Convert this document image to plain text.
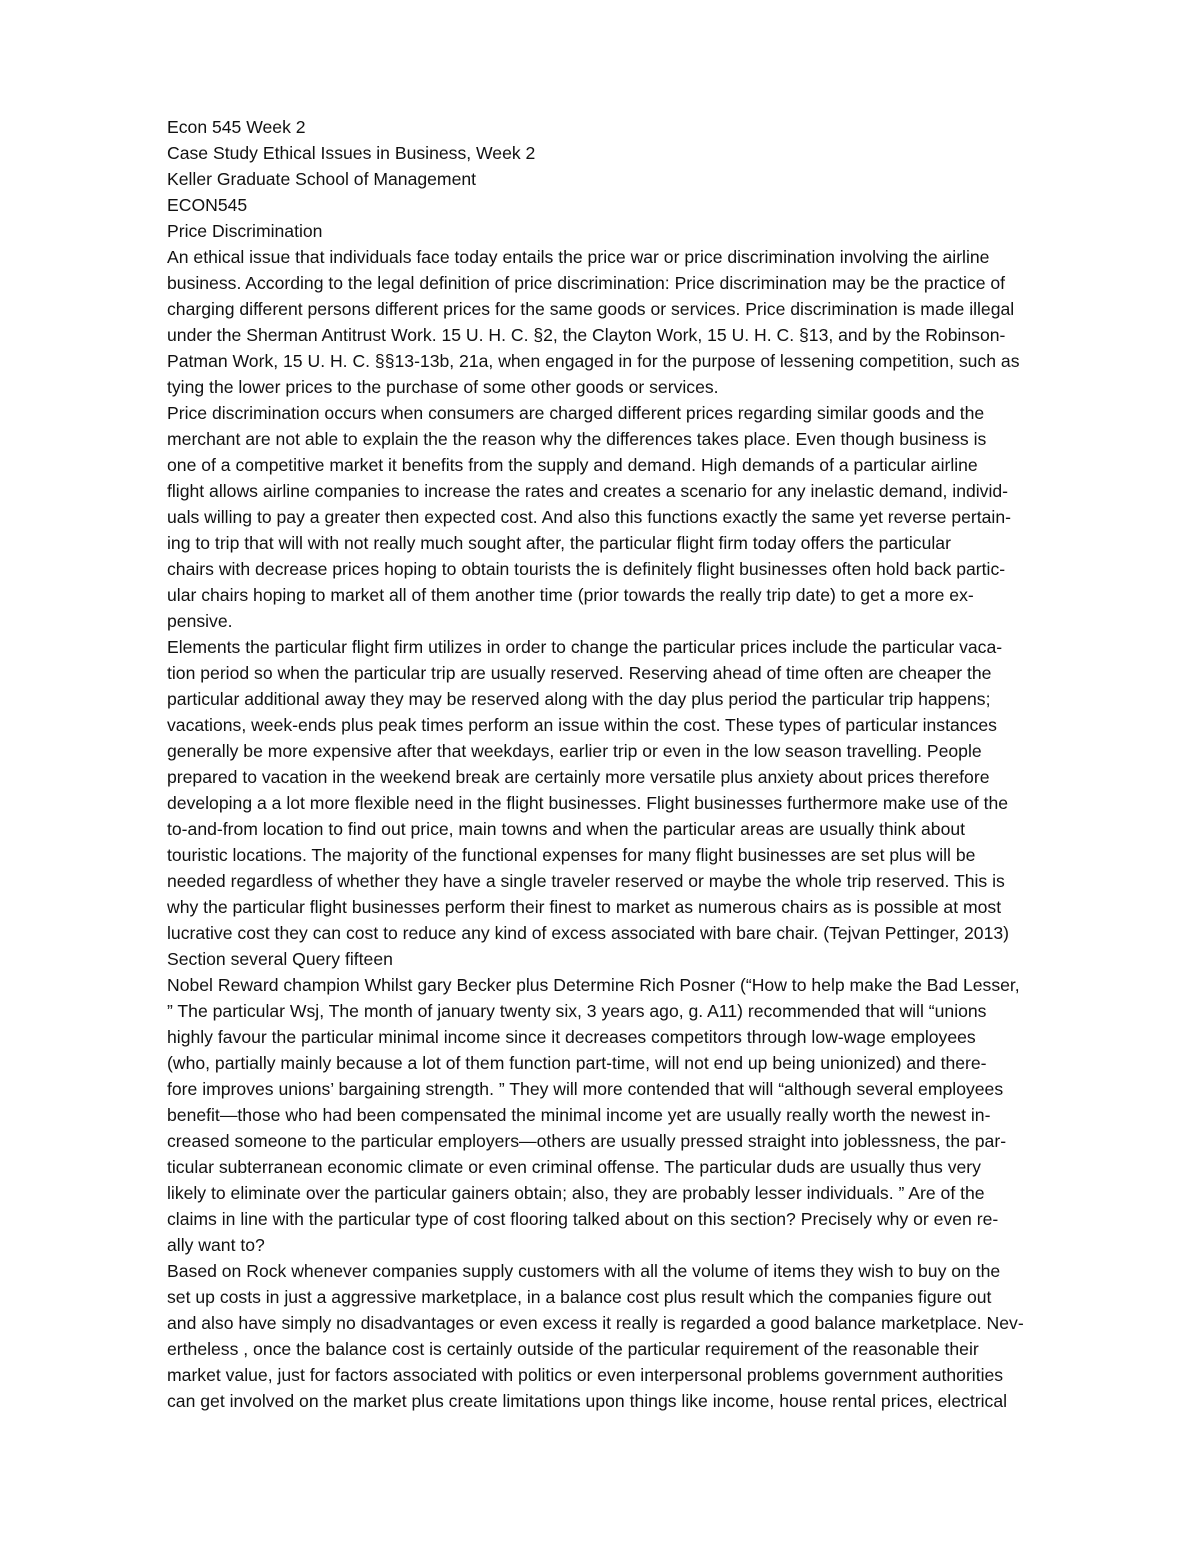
Econ 545 Week 2
Case Study Ethical Issues in Business, Week 2
Keller Graduate School of Management
ECON545
Price Discrimination
An ethical issue that individuals face today entails the price war or price discrimination involving the airline
business. According to the legal definition of price discrimination: Price discrimination may be the practice of
charging different persons different prices for the same goods or services. Price discrimination is made illegal
under the Sherman Antitrust Work. 15 U. H. C. §2, the Clayton Work, 15 U. H. C. §13, and by the Robinson-
Patman Work, 15 U. H. C. §§13-13b, 21a, when engaged in for the purpose of lessening competition, such as
tying the lower prices to the purchase of some other goods or services.
Price discrimination occurs when consumers are charged different prices regarding similar goods and the
merchant are not able to explain the the reason why the differences takes place. Even though business is
one of a competitive market it benefits from the supply and demand. High demands of a particular airline
flight allows airline companies to increase the rates and creates a scenario for any inelastic demand, individ-
uals willing to pay a greater then expected cost. And also this functions exactly the same yet reverse pertain-
ing to trip that will with not really much sought after, the particular flight firm today offers the particular
chairs with decrease prices hoping to obtain tourists the is definitely flight businesses often hold back partic-
ular chairs hoping to market all of them another time (prior towards the really trip date) to get a more ex-
pensive.
Elements the particular flight firm utilizes in order to change the particular prices include the particular vaca-
tion period so when the particular trip are usually reserved. Reserving ahead of time often are cheaper the
particular additional away they may be reserved along with the day plus period the particular trip happens;
vacations, week-ends plus peak times perform an issue within the cost. These types of particular instances
generally be more expensive after that weekdays, earlier trip or even in the low season travelling. People
prepared to vacation in the weekend break are certainly more versatile plus anxiety about prices therefore
developing a a lot more flexible need in the flight businesses. Flight businesses furthermore make use of the
to-and-from location to find out price, main towns and when the particular areas are usually think about
touristic locations. The majority of the functional expenses for many flight businesses are set plus will be
needed regardless of whether they have a single traveler reserved or maybe the whole trip reserved. This is
why the particular flight businesses perform their finest to market as numerous chairs as is possible at most
lucrative cost they can cost to reduce any kind of excess associated with bare chair. (Tejvan Pettinger, 2013)
Section several Query fifteen
Nobel Reward champion Whilst gary Becker plus Determine Rich Posner (“How to help make the Bad Lesser,
” The particular Wsj, The month of january twenty six, 3 years ago, g. A11) recommended that will “unions
highly favour the particular minimal income since it decreases competitors through low-wage employees
(who, partially mainly because a lot of them function part-time, will not end up being unionized) and there-
fore improves unions’ bargaining strength. ” They will more contended that will “although several employees
benefit—those who had been compensated the minimal income yet are usually really worth the newest in-
creased someone to the particular employers—others are usually pressed straight into joblessness, the par-
ticular subterranean economic climate or even criminal offense. The particular duds are usually thus very
likely to eliminate over the particular gainers obtain; also, they are probably lesser individuals. ” Are of the
claims in line with the particular type of cost flooring talked about on this section? Precisely why or even re-
ally want to?
Based on Rock whenever companies supply customers with all the volume of items they wish to buy on the
set up costs in just a aggressive marketplace, in a balance cost plus result which the companies figure out
and also have simply no disadvantages or even excess it really is regarded a good balance marketplace. Nev-
ertheless , once the balance cost is certainly outside of the particular requirement of the reasonable their
market value, just for factors associated with politics or even interpersonal problems government authorities
can get involved on the market plus create limitations upon things like income, house rental prices, electrical
